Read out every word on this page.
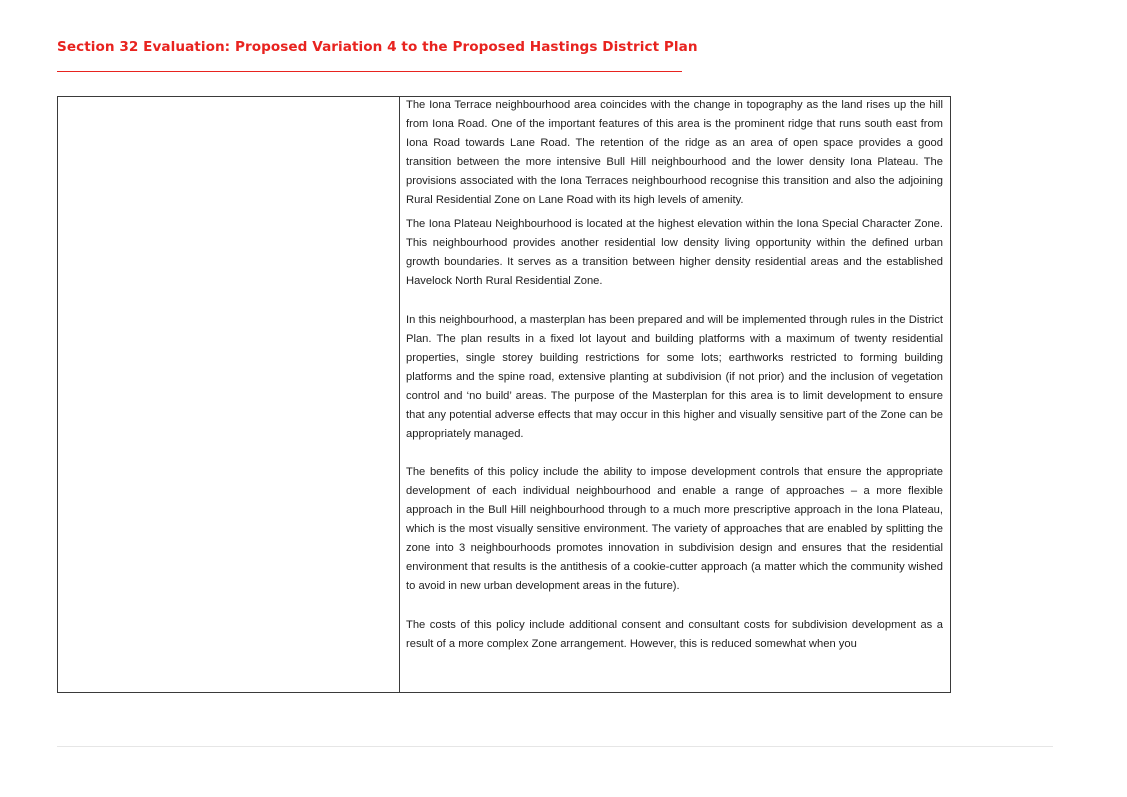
Section 32 Evaluation: Proposed Variation 4 to the Proposed Hastings District Plan

The Iona Terrace neighbourhood area coincides with the change in topography as the land rises up the hill from Iona Road. One of the important features of this area is the prominent ridge that runs south east from Iona Road towards Lane Road. The retention of the ridge as an area of open space provides a good transition between the more intensive Bull Hill neighbourhood and the lower density Iona Plateau. The provisions associated with the Iona Terraces neighbourhood recognise this transition and also the adjoining Rural Residential Zone on Lane Road with its high levels of amenity.

The Iona Plateau Neighbourhood is located at the highest elevation within the Iona Special Character Zone. This neighbourhood provides another residential low density living opportunity within the defined urban growth boundaries. It serves as a transition between higher density residential areas and the established Havelock North Rural Residential Zone.

In this neighbourhood, a masterplan has been prepared and will be implemented through rules in the District Plan. The plan results in a fixed lot layout and building platforms with a maximum of twenty residential properties, single storey building restrictions for some lots; earthworks restricted to forming building platforms and the spine road, extensive planting at subdivision (if not prior) and the inclusion of vegetation control and ‘no build’ areas. The purpose of the Masterplan for this area is to limit development to ensure that any potential adverse effects that may occur in this higher and visually sensitive part of the Zone can be appropriately managed.

The benefits of this policy include the ability to impose development controls that ensure the appropriate development of each individual neighbourhood and enable a range of approaches – a more flexible approach in the Bull Hill neighbourhood through to a much more prescriptive approach in the Iona Plateau, which is the most visually sensitive environment. The variety of approaches that are enabled by splitting the zone into 3 neighbourhoods promotes innovation in subdivision design and ensures that the residential environment that results is the antithesis of a cookie-cutter approach (a matter which the community wished to avoid in new urban development areas in the future).

The costs of this policy include additional consent and consultant costs for subdivision development as a result of a more complex Zone arrangement. However, this is reduced somewhat when you
